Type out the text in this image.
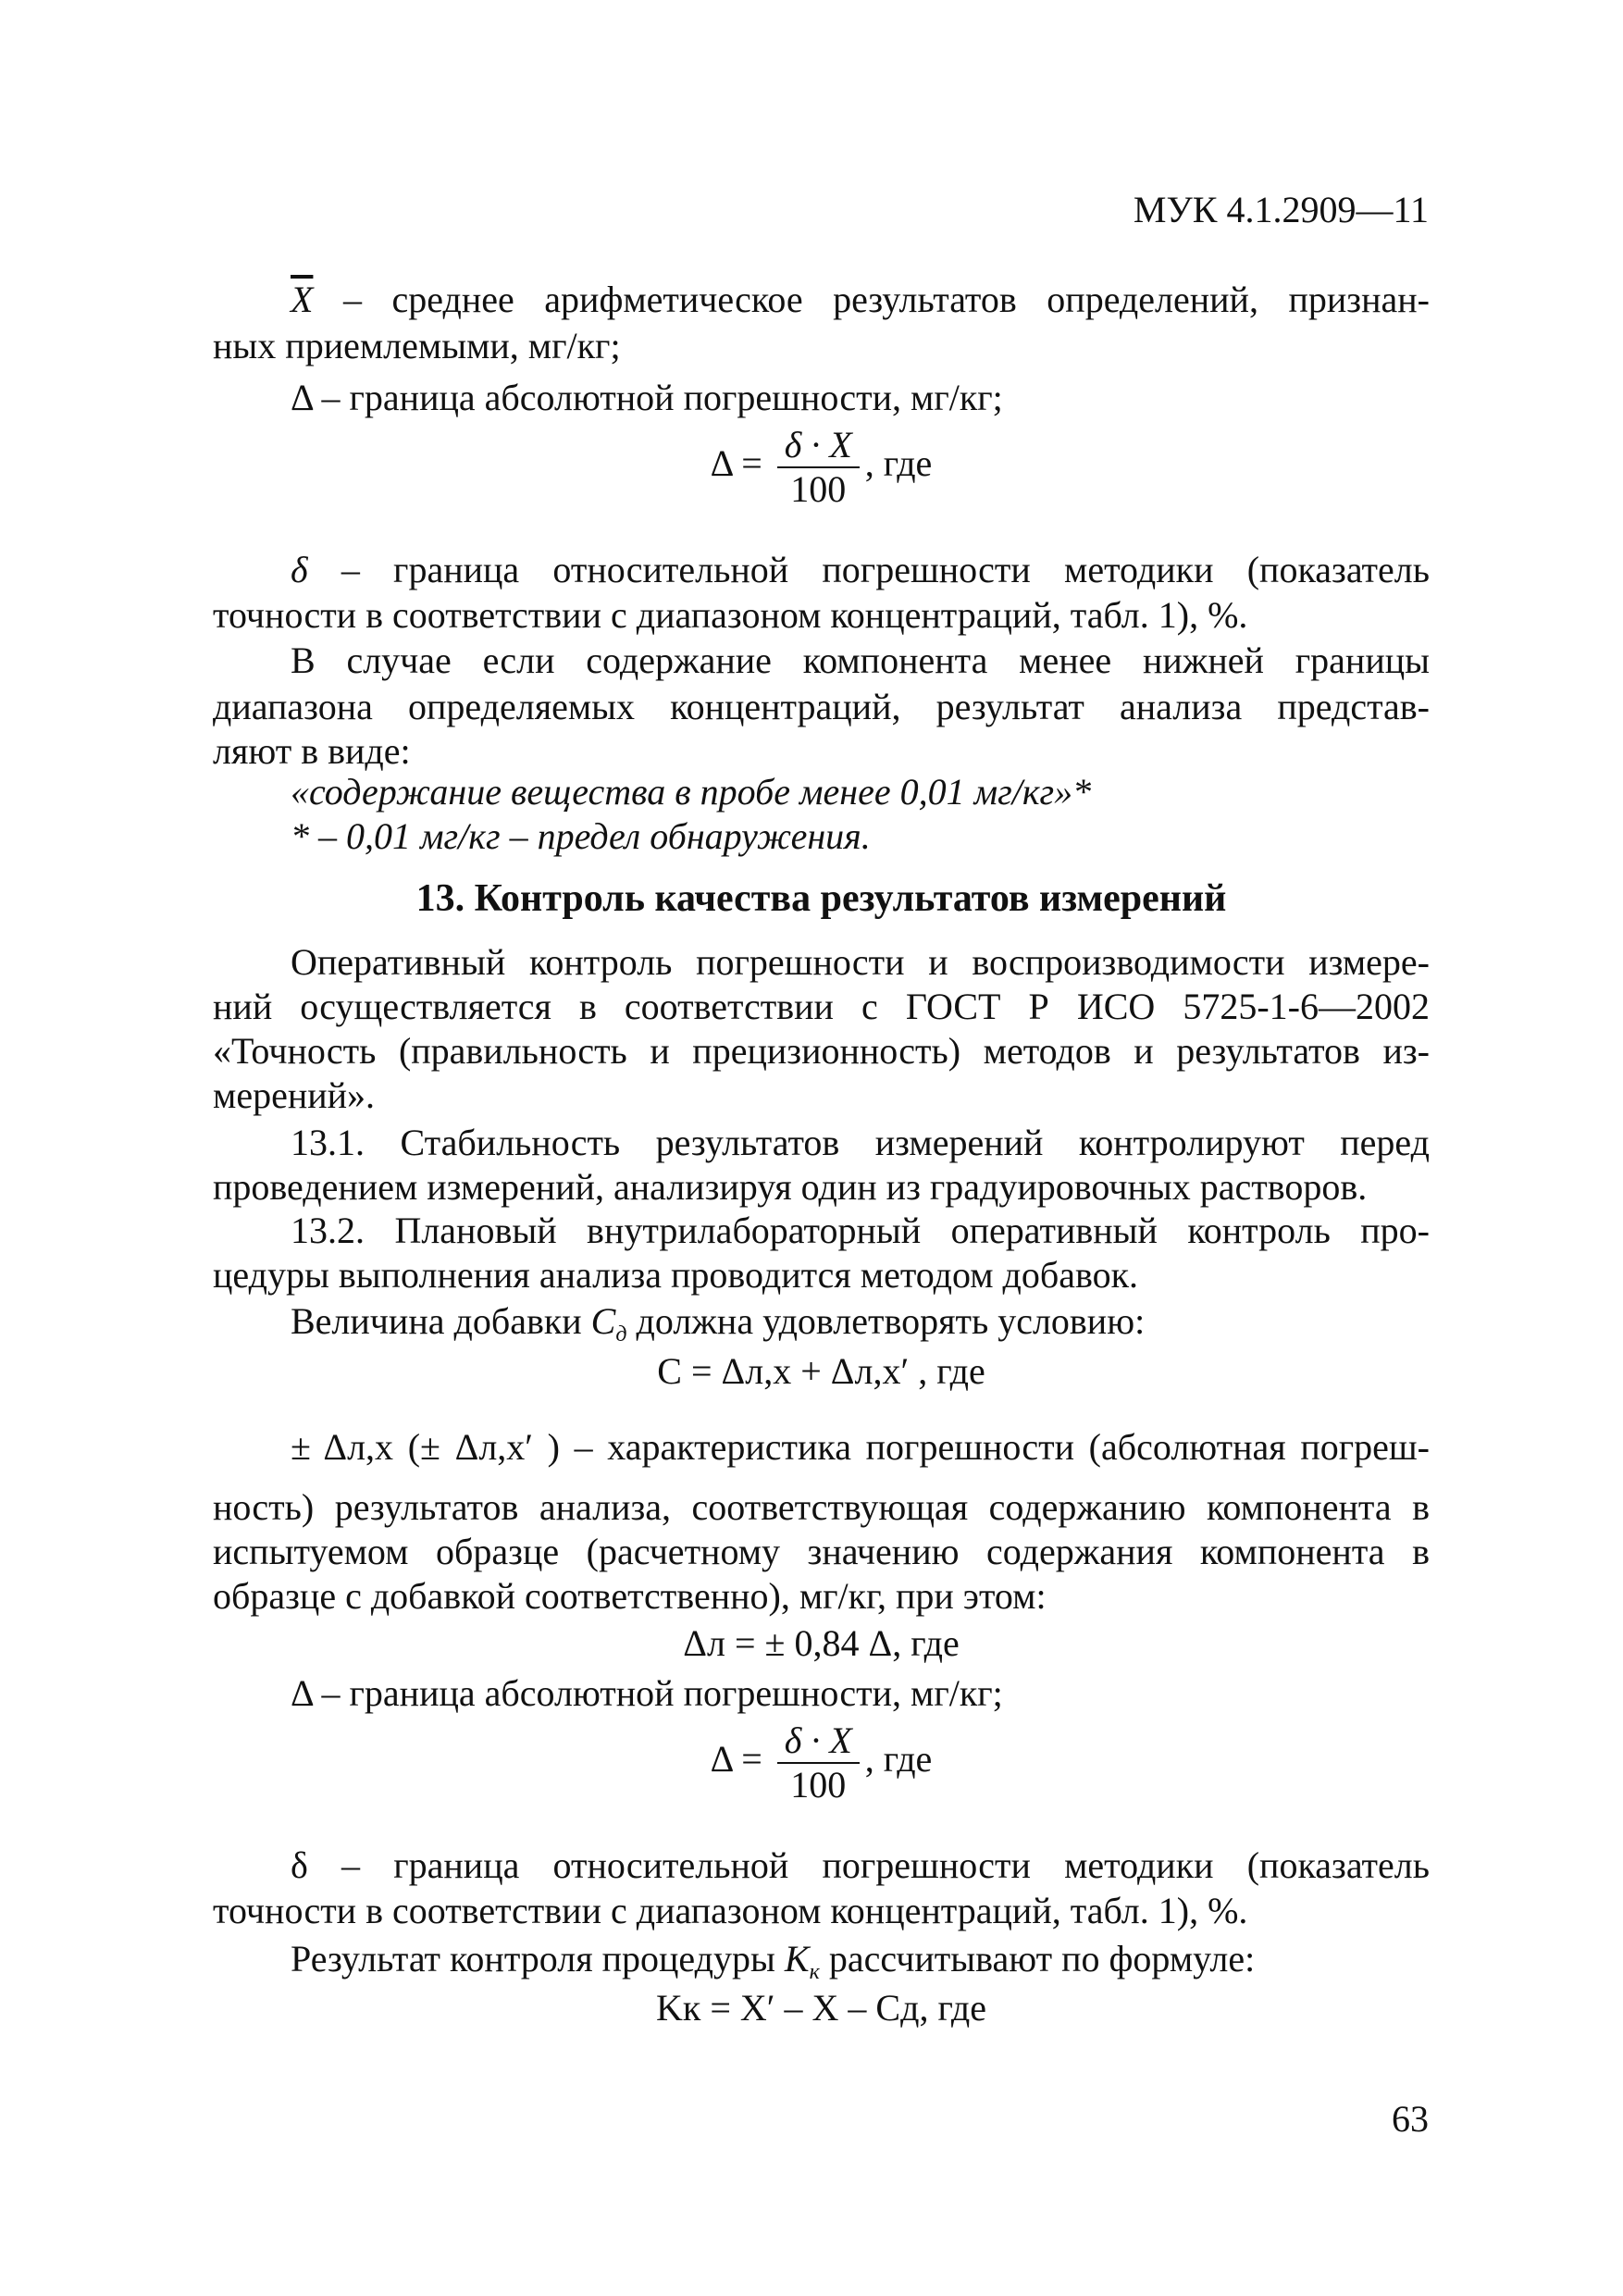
МУК 4.1.2909—11
$\overline{X}$ – среднее арифметическое результатов определений, признан-
ных приемлемыми, мг/кг;
Δ – граница абсолютной погрешности, мг/кг;
$\Delta = \frac{\delta \cdot X}{100}$ , где
δ – граница относительной погрешности методики (показатель
точности в соответствии с диапазоном концентраций, табл. 1), %.
В случае если содержание компонента менее нижней границы
диапазона определяемых концентраций, результат анализа представ-
ляют в виде:
«содержание вещества в пробе менее 0,01 мг/кг»*
* – 0,01 мг/кг – предел обнаружения.
13. Контроль качества результатов измерений
Оперативный контроль погрешности и воспроизводимости измере-
ний осуществляется в соответствии с ГОСТ Р ИСО 5725-1-6—2002
«Точность (правильность и прецизионность) методов и результатов из-
мерений».
13.1. Стабильность результатов измерений контролируют перед
проведением измерений, анализируя один из градуировочных растворов.
13.2. Плановый внутрилабораторный оперативный контроль про-
цедуры выполнения анализа проводится методом добавок.
Величина добавки $C_д$ должна удовлетворять условию:
C = Δл,x + Δл,x′ , где
± Δл,x (± Δл,x′ ) – характеристика погрешности (абсолютная погреш-
ность) результатов анализа, соответствующая содержанию компонента в
испытуемом образце (расчетному значению содержания компонента в
образце с добавкой соответственно), мг/кг, при этом:
Δл = ± 0,84 Δ, где
Δ – граница абсолютной погрешности, мг/кг;
$\Delta = \frac{\delta \cdot X}{100}$ , где
δ – граница относительной погрешности методики (показатель
точности в соответствии с диапазоном концентраций, табл. 1), %.
Результат контроля процедуры $K_к$ рассчитывают по формуле:
Kк = X′ – X – Cд, где
63
